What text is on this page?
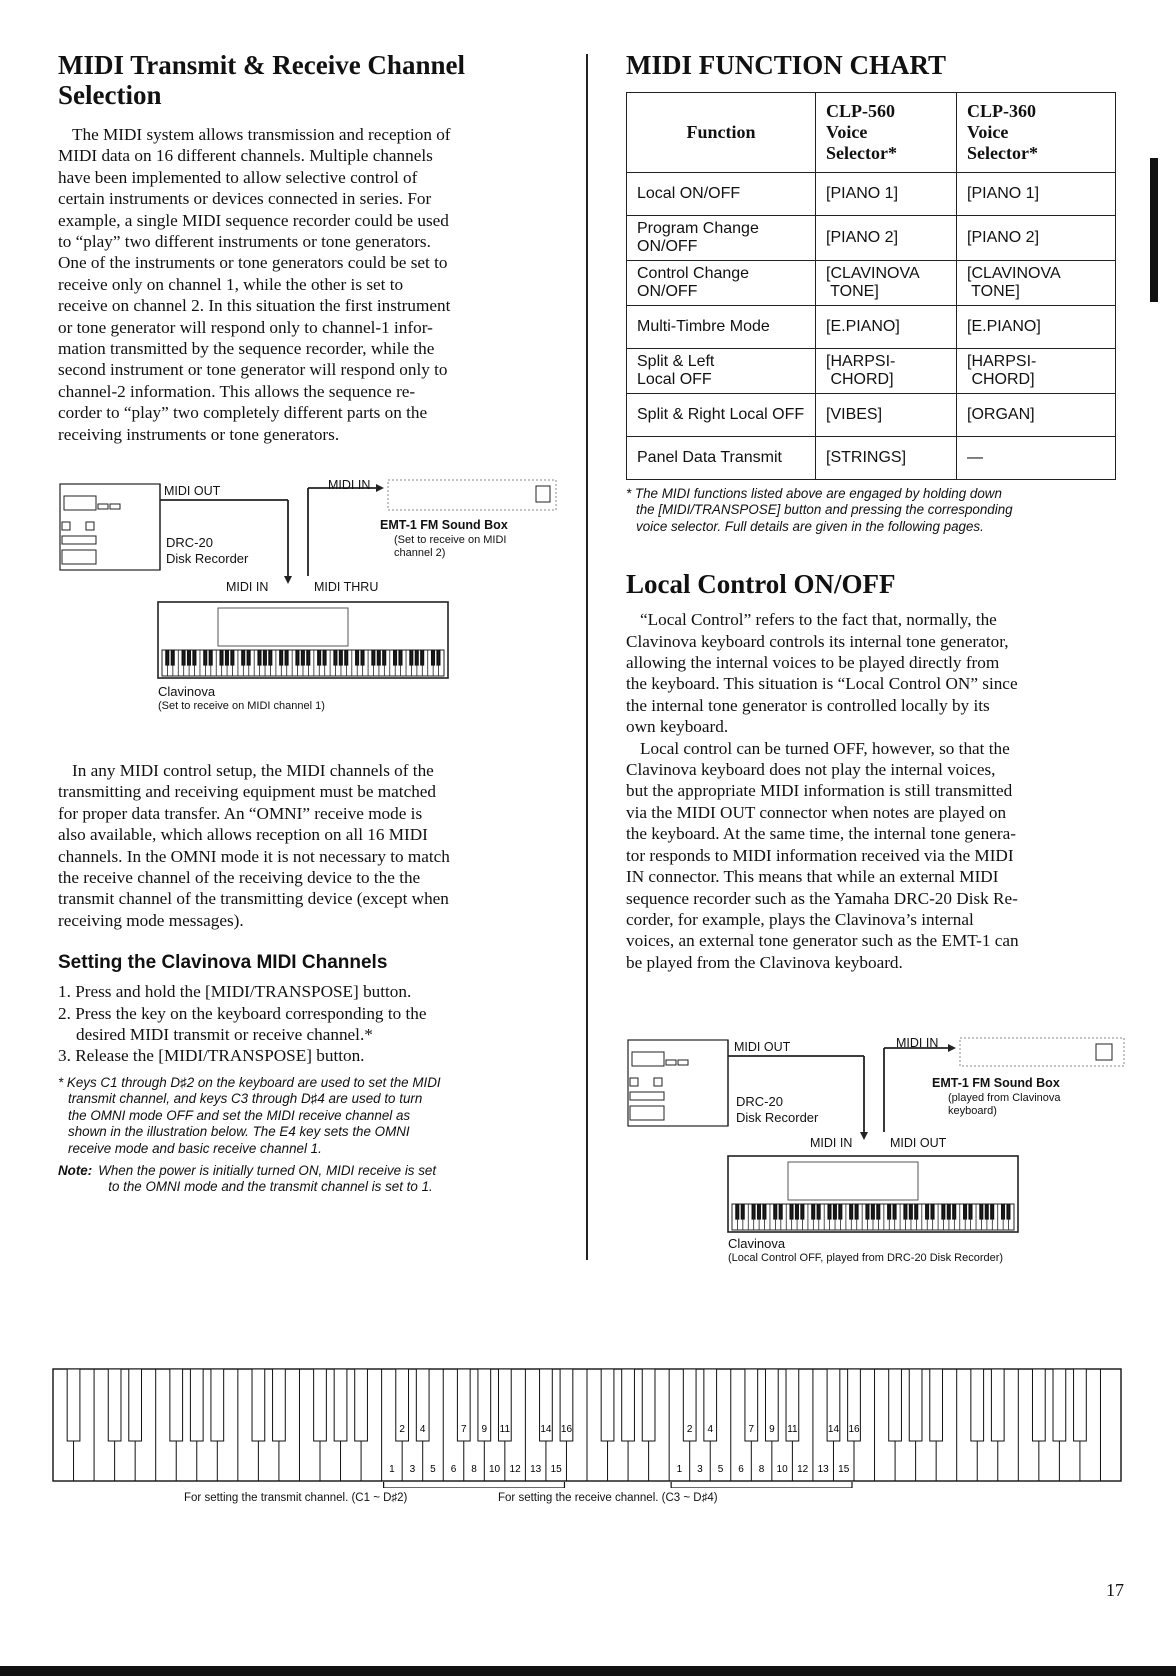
MIDI Transmit & Receive Channel
Selection
The MIDI system allows transmission and reception of
MIDI data on 16 different channels. Multiple channels
have been implemented to allow selective control of
certain instruments or devices connected in series. For
example, a single MIDI sequence recorder could be used
to “play” two different instruments or tone generators.
One of the instruments or tone generators could be set to
receive only on channel 1, while the other is set to
receive on channel 2. In this situation the first instrument
or tone generator will respond only to channel-1 infor-
mation transmitted by the sequence recorder, while the
second instrument or tone generator will respond only to
channel-2 information. This allows the sequence re-
corder to “play” two completely different parts on the
receiving instruments or tone generators.
MIDI OUT	MIDI IN
EMT-1 FM Sound Box
(Set to receive on MIDI
channel 2)
DRC-20
Disk Recorder
MIDI IN	MIDI THRU
Clavinova
(Set to receive on MIDI channel 1)
In any MIDI control setup, the MIDI channels of the
transmitting and receiving equipment must be matched
for proper data transfer. An “OMNI” receive mode is
also available, which allows reception on all 16 MIDI
channels. In the OMNI mode it is not necessary to match
the receive channel of the receiving device to the the
transmit channel of the transmitting device (except when
receiving mode messages).
Setting the Clavinova MIDI Channels
1. Press and hold the [MIDI/TRANSPOSE] button.
2. Press the key on the keyboard corresponding to the
desired MIDI transmit or receive channel.*
3. Release the [MIDI/TRANSPOSE] button.
* Keys C1 through D♯2 on the keyboard are used to set the MIDI
transmit channel, and keys C3 through D♯4 are used to turn
the OMNI mode OFF and set the MIDI receive channel as
shown in the illustration below. The E4 key sets the OMNI
receive mode and basic receive channel 1.
Note: When the power is initially turned ON, MIDI receive is set
to the OMNI mode and the transmit channel is set to 1.
MIDI FUNCTION CHART
Function	CLP-560
Voice
Selector*	CLP-360
Voice
Selector*
Local ON/OFF	[PIANO 1]	[PIANO 1]
Program Change
ON/OFF	[PIANO 2]	[PIANO 2]
Control Change
ON/OFF	[CLAVINOVA
TONE]	[CLAVINOVA
TONE]
Multi-Timbre Mode	[E.PIANO]	[E.PIANO]
Split & Left
Local OFF	[HARPSI-
CHORD]	[HARPSI-
CHORD]
Split & Right Local OFF	[VIBES]	[ORGAN]
Panel Data Transmit	[STRINGS]	—
* The MIDI functions listed above are engaged by holding down
the [MIDI/TRANSPOSE] button and pressing the corresponding
voice selector. Full details are given in the following pages.
Local Control ON/OFF
“Local Control” refers to the fact that, normally, the
Clavinova keyboard controls its internal tone generator,
allowing the internal voices to be played directly from
the keyboard. This situation is “Local Control ON” since
the internal tone generator is controlled locally by its
own keyboard.
Local control can be turned OFF, however, so that the
Clavinova keyboard does not play the internal voices,
but the appropriate MIDI information is still transmitted
via the MIDI OUT connector when notes are played on
the keyboard. At the same time, the internal tone genera-
tor responds to MIDI information received via the MIDI
IN connector. This means that while an external MIDI
sequence recorder such as the Yamaha DRC-20 Disk Re-
corder, for example, plays the Clavinova’s internal
voices, an external tone generator such as the EMT-1 can
be played from the Clavinova keyboard.
MIDI OUT	MIDI IN
EMT-1 FM Sound Box
(played from Clavinova
keyboard)
DRC-20
Disk Recorder
MIDI IN	MIDI OUT
Clavinova
(Local Control OFF, played from DRC-20 Disk Recorder)
1 3 5 6 8 10 12 13 15
2 4	7 9 11	14 16
1 3 5 6 8 10 12 13 15
2 4	7 9 11	14 16
For setting the transmit channel. (C1 ~ D♯2)	For setting the receive channel. (C3 ~ D♯4)
17
